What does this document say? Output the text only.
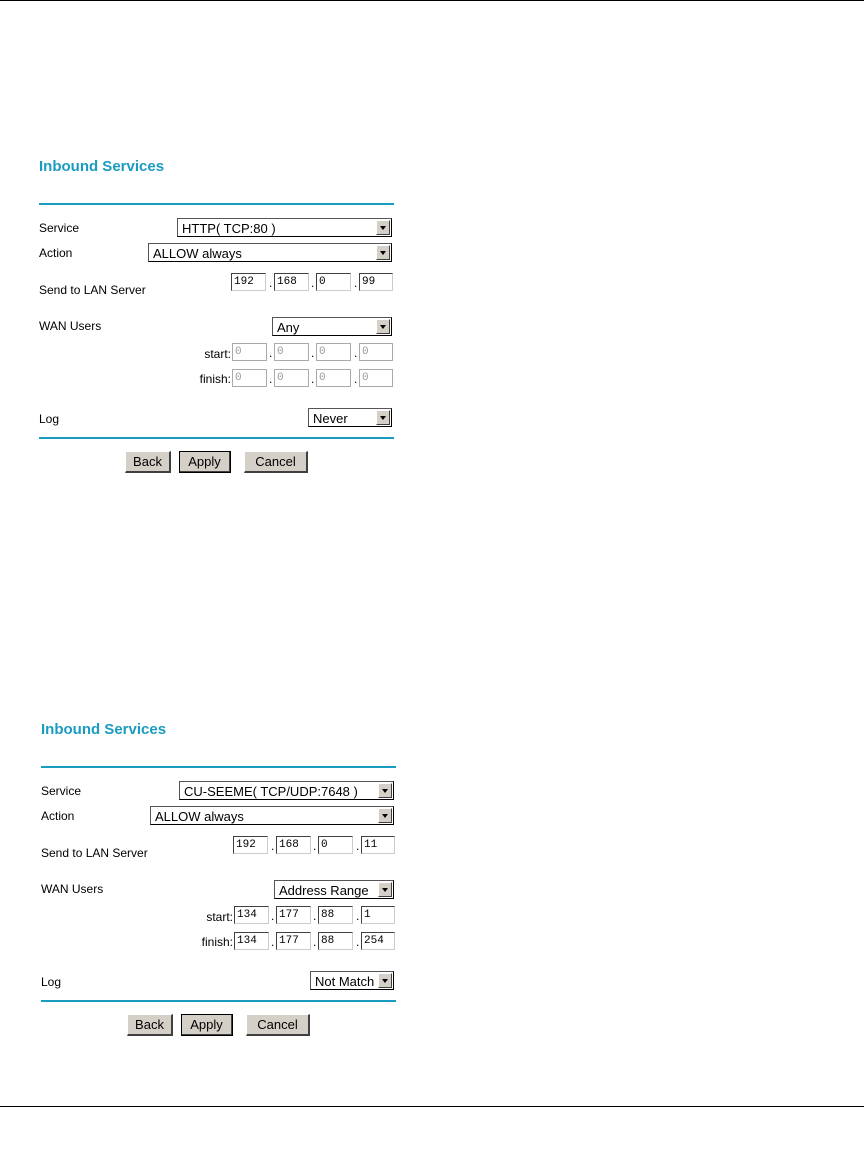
Inbound Services
Service	HTTP( TCP:80 )
Action	ALLOW always
Send to LAN Server
192	. 168	. 0	. 99
WAN Users	Any
start: 0	. 0	. 0	. 0
finish: 0	. 0	. 0	. 0
Log	Never
Back	Apply	Cancel
Inbound Services
Service	CU-SEEME( TCP/UDP:7648 )
Action	ALLOW always
Send to LAN Server
192	. 168	. 0	. 11
WAN Users	Address Range
start: 134	. 177	. 88	. 1
finish: 134	. 177	. 88	. 254
Log	Not Match
Back	Apply	Cancel
